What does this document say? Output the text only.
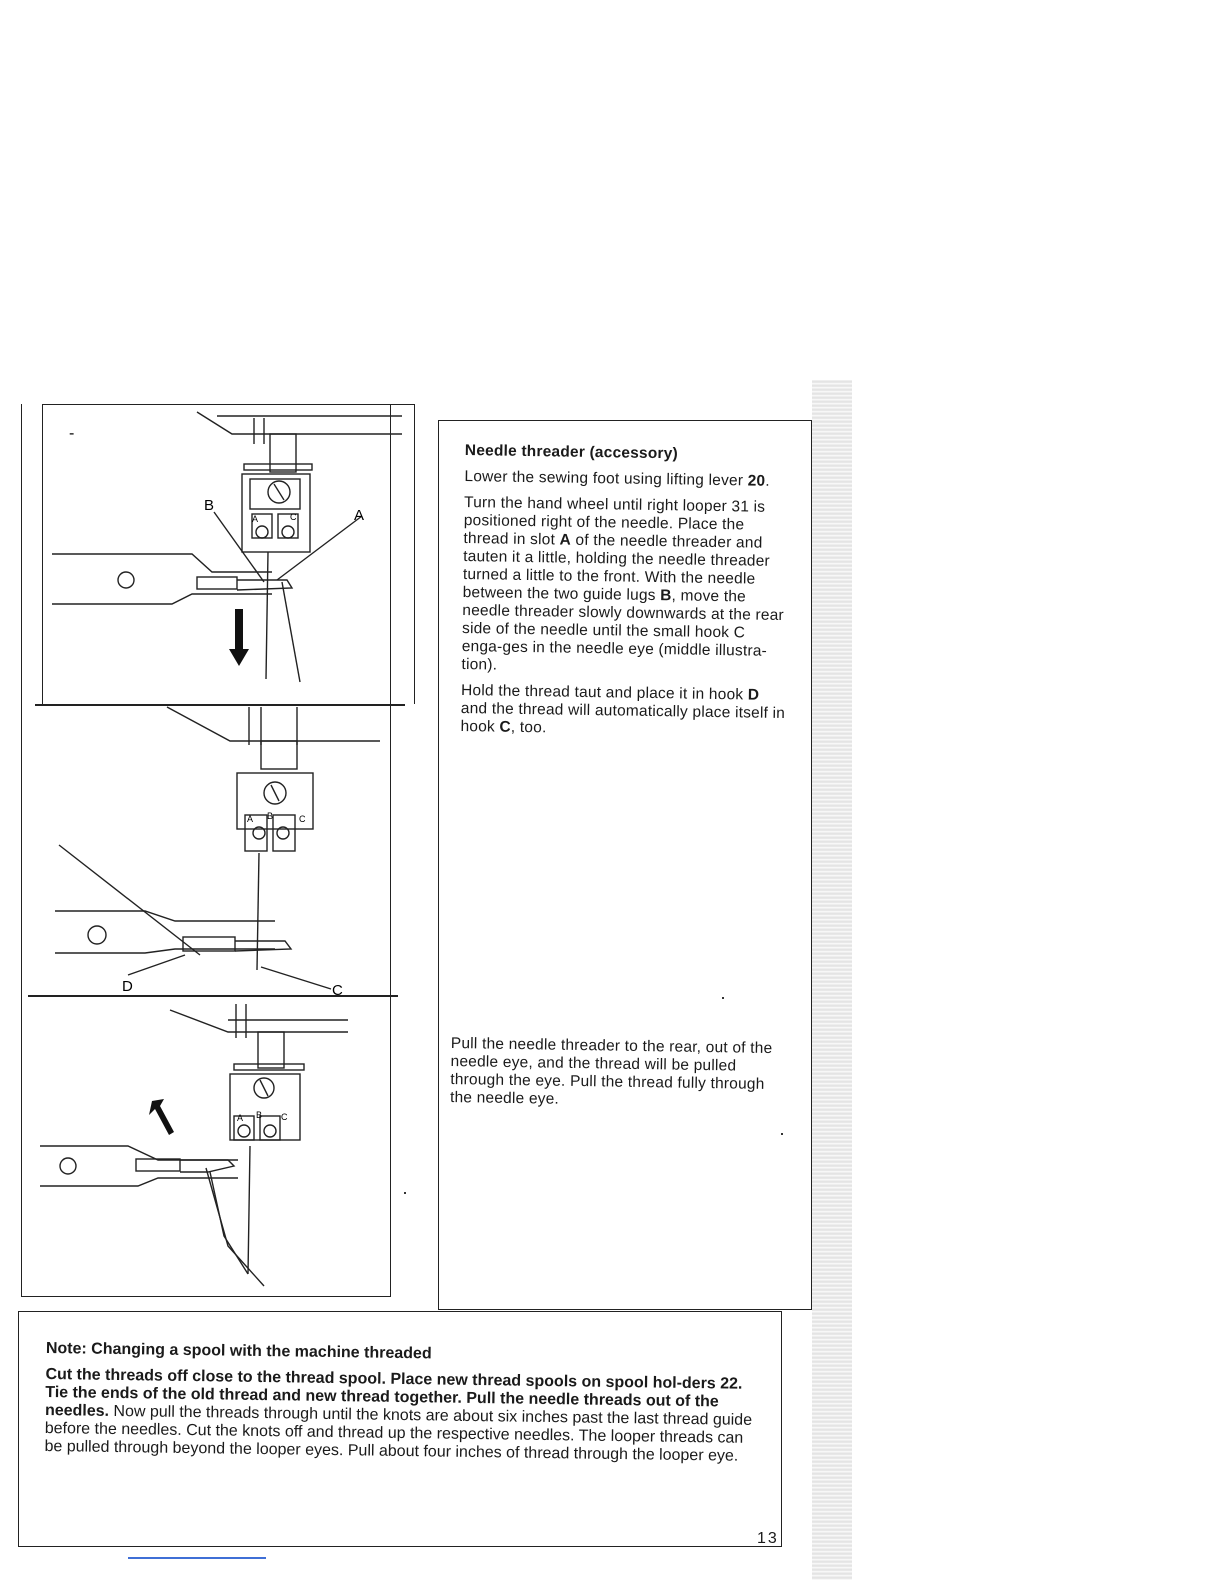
-
B
A
A	C
D	C
A B	C
A B C
Needle threader (accessory)

Lower the sewing foot using lifting lever 20.

Turn the hand wheel until right looper 31 is positioned right of the needle. Place the thread in slot A of the needle threader and tauten it a little, holding the needle threader turned a little to the front. With the needle between the two guide lugs B, move the needle threader slowly downwards at the rear side of the needle until the small hook C enga-ges in the needle eye (middle illustra-tion).

Hold the thread taut and place it in hook D and the thread will automatically place itself in hook C, too.

Pull the needle threader to the rear, out of the needle eye, and the thread will be pulled through the eye. Pull the thread fully through the needle eye.
Note: Changing a spool with the machine threaded
Cut the threads off close to the thread spool. Place new thread spools on spool hol-ders 22. Tie the ends of the old thread and new thread together. Pull the needle threads out of the needles. Now pull the threads through until the knots are about six inches past the last thread guide before the needles. Cut the knots off and thread up the respective needles. The looper threads can be pulled through beyond the looper eyes. Pull about four inches of thread through the looper eye.
13
